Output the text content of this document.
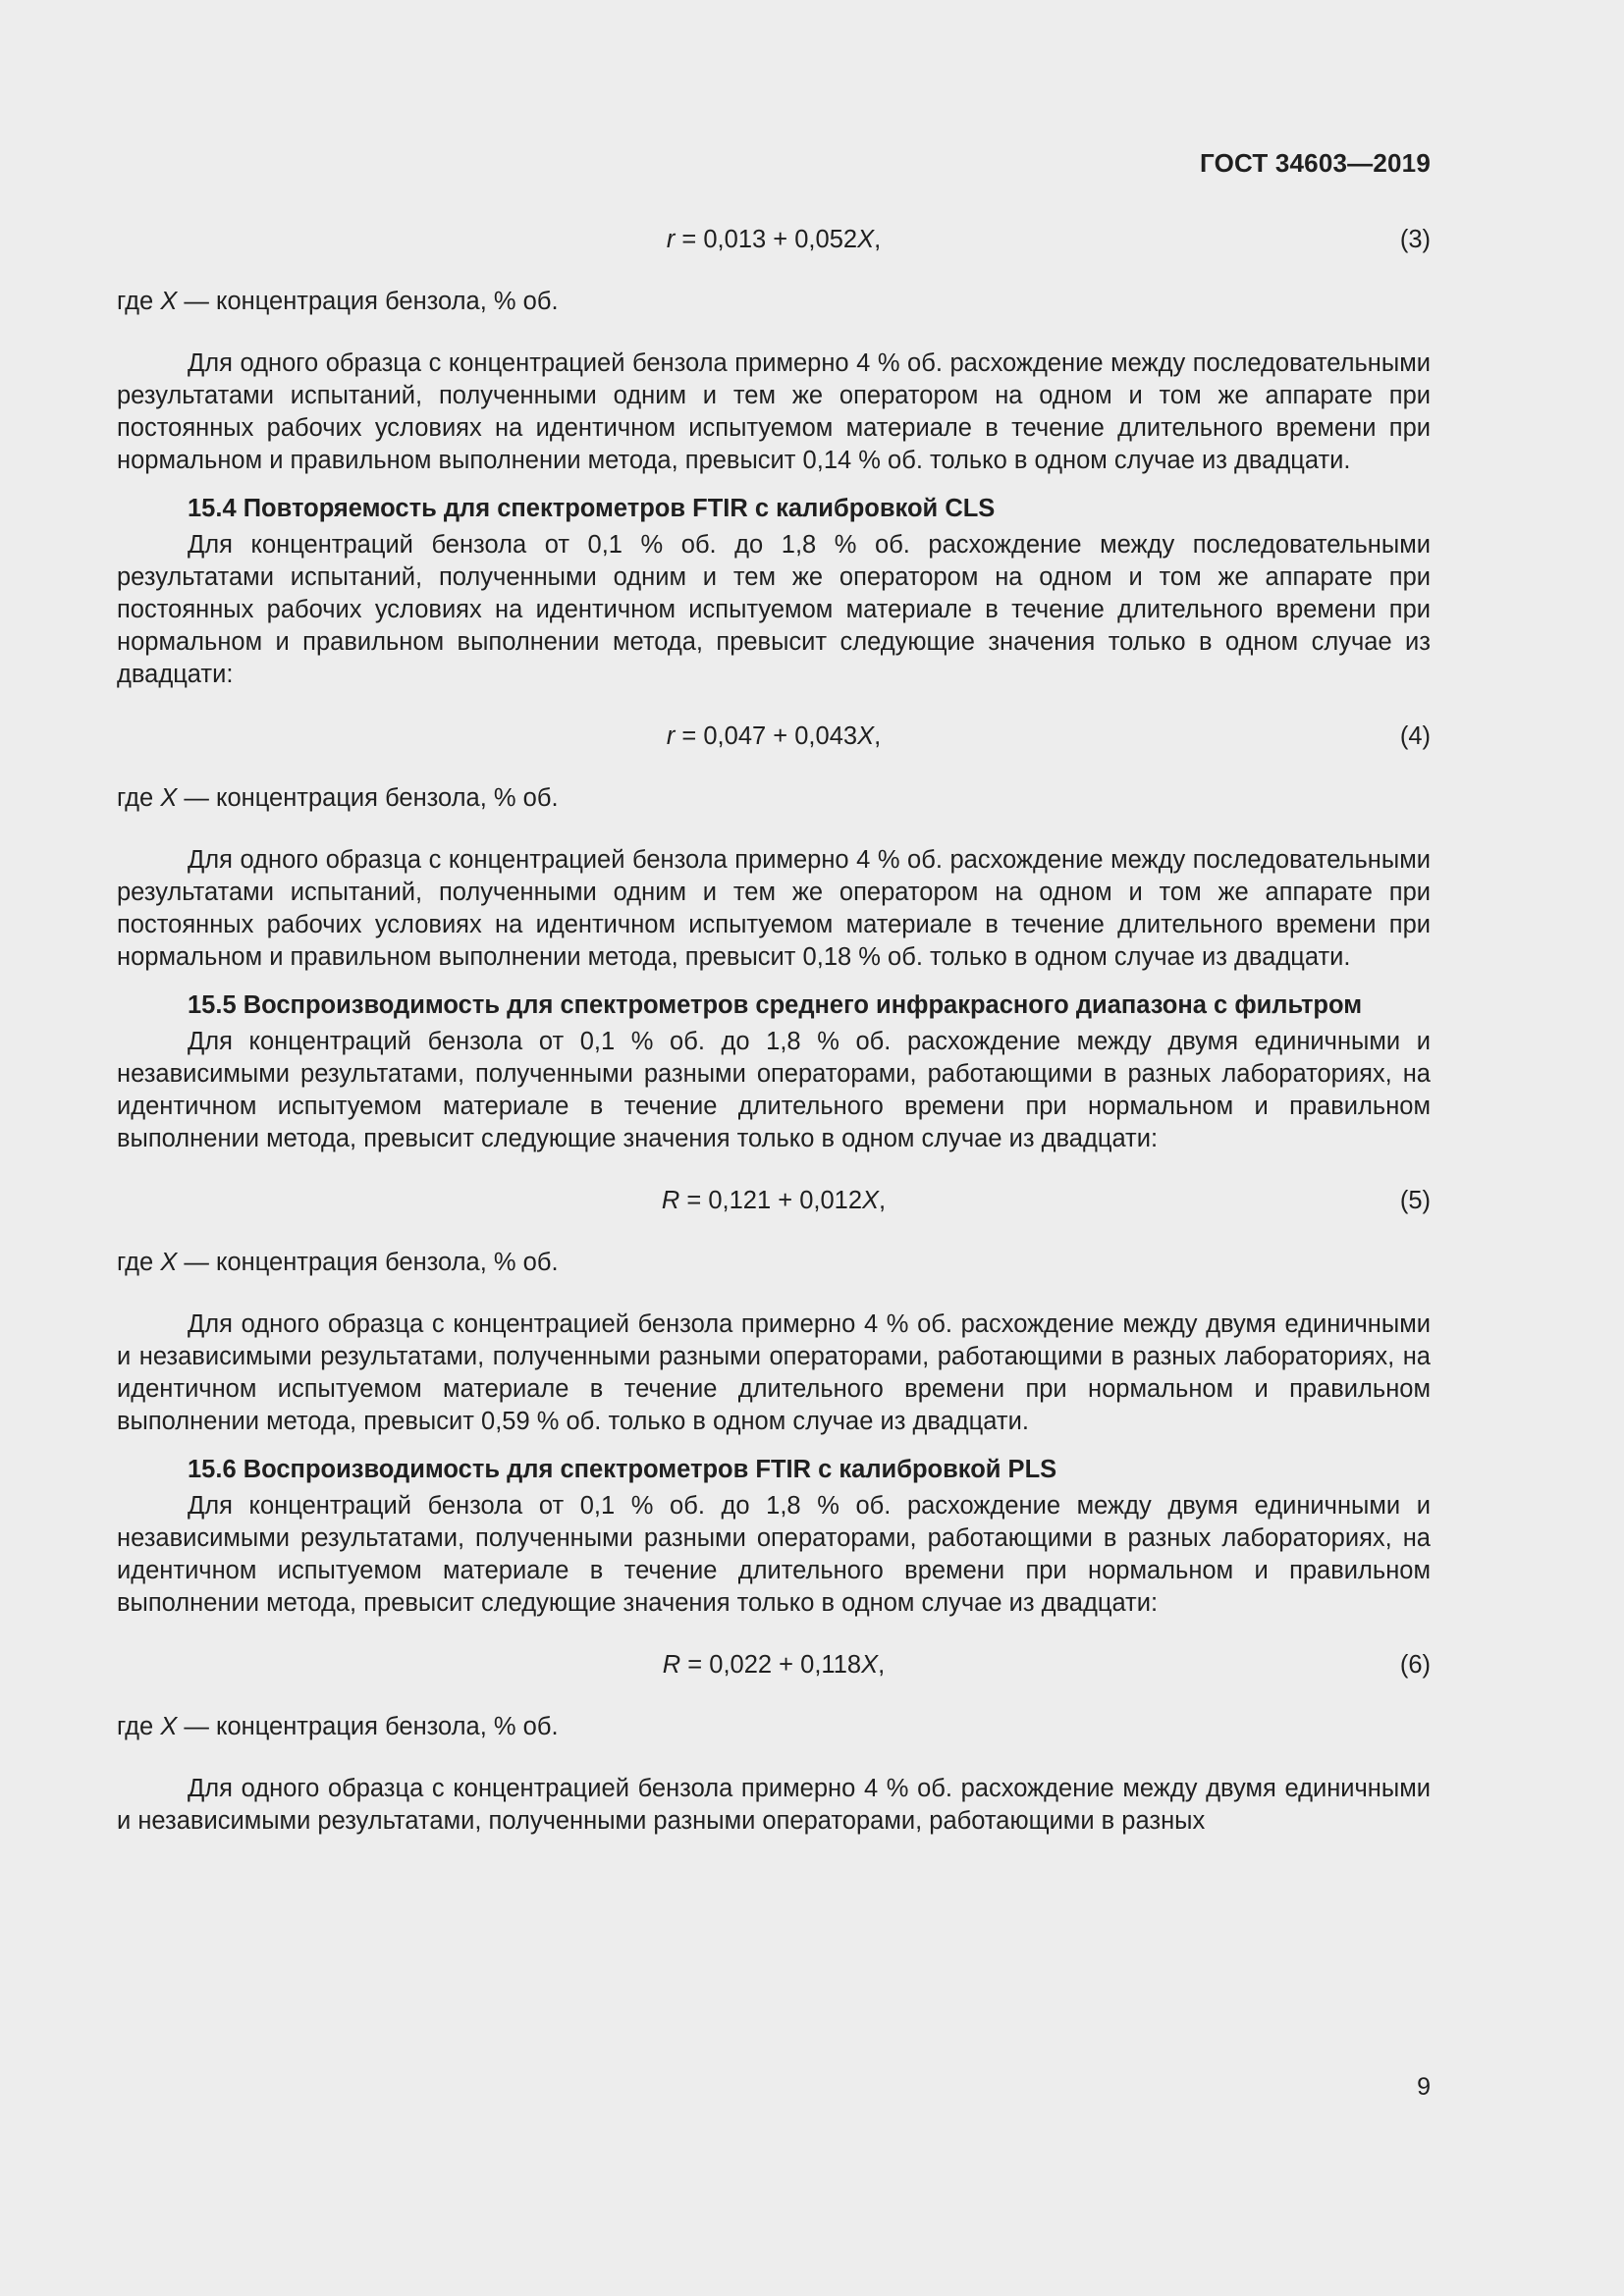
ГОСТ 34603—2019
r = 0,013 + 0,052X,	(3)
где X — концентрация бензола, % об.

Для одного образца с концентрацией бензола примерно 4 % об. расхождение между последовательными результатами испытаний, полученными одним и тем же оператором на одном и том же аппарате при постоянных рабочих условиях на идентичном испытуемом материале в течение длительного времени при нормальном и правильном выполнении метода, превысит 0,14 % об. только в одном случае из двадцати.

15.4 Повторяемость для спектрометров FTIR с калибровкой CLS

Для концентраций бензола от 0,1 % об. до 1,8 % об. расхождение между последовательными результатами испытаний, полученными одним и тем же оператором на одном и том же аппарате при постоянных рабочих условиях на идентичном испытуемом материале в течение длительного времени при нормальном и правильном выполнении метода, превысит следующие значения только в одном случае из двадцати:

r = 0,047 + 0,043X,	(4)
где X — концентрация бензола, % об.

Для одного образца с концентрацией бензола примерно 4 % об. расхождение между последовательными результатами испытаний, полученными одним и тем же оператором на одном и том же аппарате при постоянных рабочих условиях на идентичном испытуемом материале в течение длительного времени при нормальном и правильном выполнении метода, превысит 0,18 % об. только в одном случае из двадцати.

15.5 Воспроизводимость для спектрометров среднего инфракрасного диапазона с фильтром

Для концентраций бензола от 0,1 % об. до 1,8 % об. расхождение между двумя единичными и независимыми результатами, полученными разными операторами, работающими в разных лабораториях, на идентичном испытуемом материале в течение длительного времени при нормальном и правильном выполнении метода, превысит следующие значения только в одном случае из двадцати:

R = 0,121 + 0,012X,	(5)
где X — концентрация бензола, % об.

Для одного образца с концентрацией бензола примерно 4 % об. расхождение между двумя единичными и независимыми результатами, полученными разными операторами, работающими в разных лабораториях, на идентичном испытуемом материале в течение длительного времени при нормальном и правильном выполнении метода, превысит 0,59 % об. только в одном случае из двадцати.

15.6 Воспроизводимость для спектрометров FTIR с калибровкой PLS

Для концентраций бензола от 0,1 % об. до 1,8 % об. расхождение между двумя единичными и независимыми результатами, полученными разными операторами, работающими в разных лабораториях, на идентичном испытуемом материале в течение длительного времени при нормальном и правильном выполнении метода, превысит следующие значения только в одном случае из двадцати:

R = 0,022 + 0,118X,	(6)
где X — концентрация бензола, % об.

Для одного образца с концентрацией бензола примерно 4 % об. расхождение между двумя единичными и независимыми результатами, полученными разными операторами, работающими в разных

9
